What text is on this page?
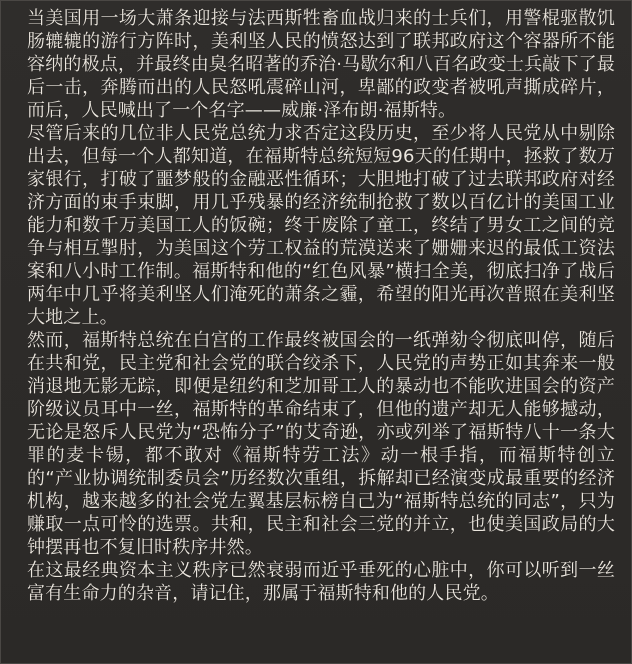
当美国用一场大萧条迎接与法西斯牲畜血战归来的士兵们，用警棍驱散饥肠辘辘的游行方阵时，美利坚人民的愤怒达到了联邦政府这个容器所不能容纳的极点，并最终由臭名昭著的乔治·马歇尔和八百名政变士兵敲下了最后一击，奔腾而出的人民怒吼震碎山河，卑鄙的政变者被吼声撕成碎片，而后，人民喊出了一个名字——威廉·泽布朗·福斯特。

尽管后来的几位非人民党总统力求否定这段历史，至少将人民党从中剔除出去，但每一个人都知道，在福斯特总统短短96天的任期中，拯救了数万家银行，打破了噩梦般的金融恶性循环；大胆地打破了过去联邦政府对经济方面的束手束脚，用几乎残暴的经济统制抢救了数以百亿计的美国工业能力和数千万美国工人的饭碗；终于废除了童工，终结了男女工之间的竞争与相互掣肘，为美国这个劳工权益的荒漠送来了姗姗来迟的最低工资法案和八小时工作制。福斯特和他的“红色风暴”横扫全美，彻底扫净了战后两年中几乎将美利坚人们淹死的萧条之霾，希望的阳光再次普照在美利坚大地之上。

然而，福斯特总统在白宫的工作最终被国会的一纸弹劾令彻底叫停，随后在共和党，民主党和社会党的联合绞杀下，人民党的声势正如其奔来一般消退地无影无踪，即便是纽约和芝加哥工人的暴动也不能吹进国会的资产阶级议员耳中一丝，福斯特的革命结束了，但他的遗产却无人能够撼动，无论是怒斥人民党为“恐怖分子”的艾奇逊，亦或列举了福斯特八十一条大罪的麦卡锡，都不敢对《福斯特劳工法》动一根手指，而福斯特创立的“产业协调统制委员会”历经数次重组，拆解却已经演变成最重要的经济机构，越来越多的社会党左翼基层标榜自己为“福斯特总统的同志”，只为赚取一点可怜的选票。共和，民主和社会三党的并立，也使美国政局的大钟摆再也不复旧时秩序井然。

在这最经典资本主义秩序已然衰弱而近乎垂死的心脏中，你可以听到一丝富有生命力的杂音，请记住，那属于福斯特和他的人民党。
